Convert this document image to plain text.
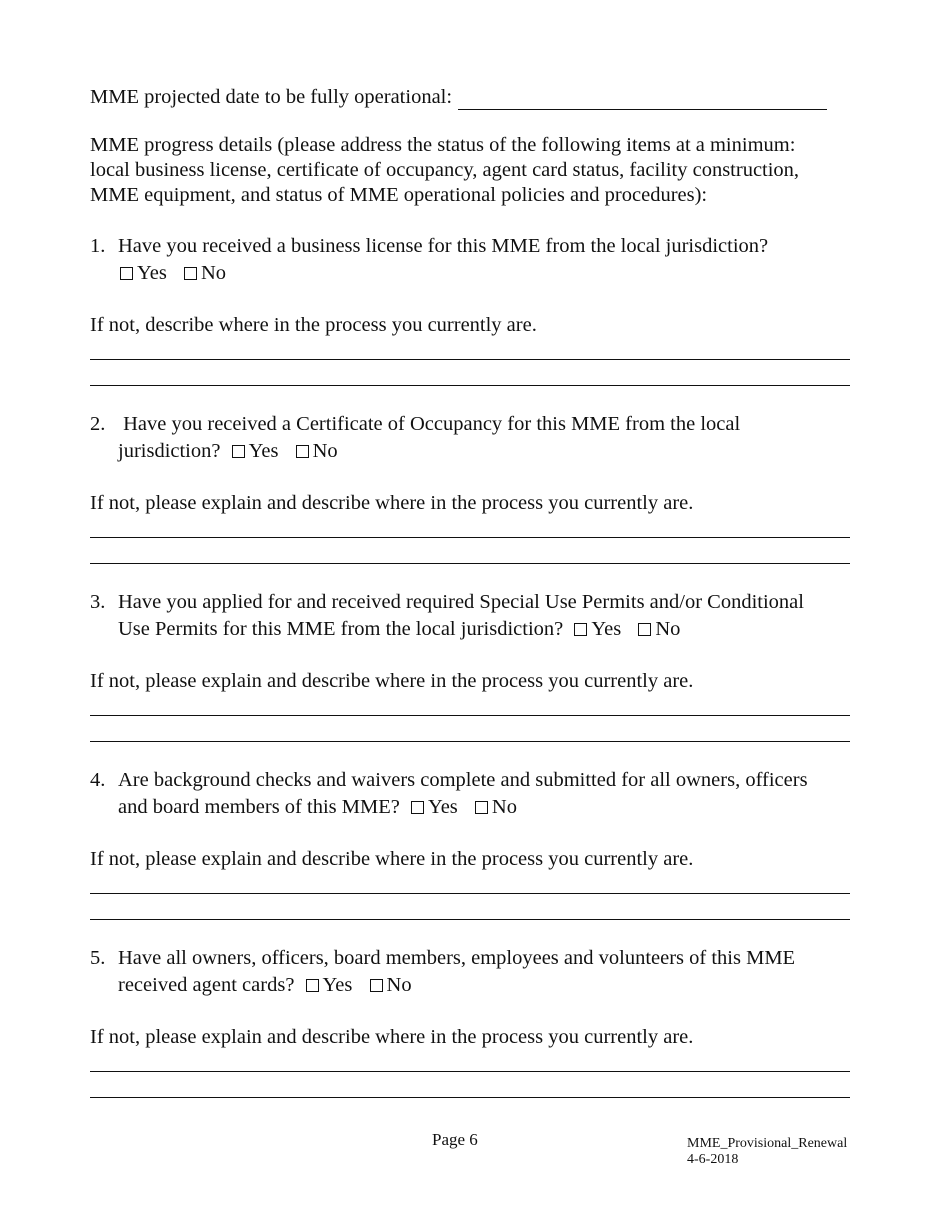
MME projected date to be fully operational:
MME progress details (please address the status of the following items at a minimum:
local business license, certificate of occupancy, agent card status, facility construction,
MME equipment, and status of MME operational policies and procedures):
1. Have you received a business license for this MME from the local jurisdiction?
Yes No
If not, describe where in the process you currently are.
2. Have you received a Certificate of Occupancy for this MME from the local
jurisdiction? Yes No
If not, please explain and describe where in the process you currently are.
3. Have you applied for and received required Special Use Permits and/or Conditional
Use Permits for this MME from the local jurisdiction? Yes No
If not, please explain and describe where in the process you currently are.
4. Are background checks and waivers complete and submitted for all owners, officers
and board members of this MME? Yes No
If not, please explain and describe where in the process you currently are.
5. Have all owners, officers, board members, employees and volunteers of this MME
received agent cards? Yes No
If not, please explain and describe where in the process you currently are.
Page 6	MME_Provisional_Renewal
4-6-2018
